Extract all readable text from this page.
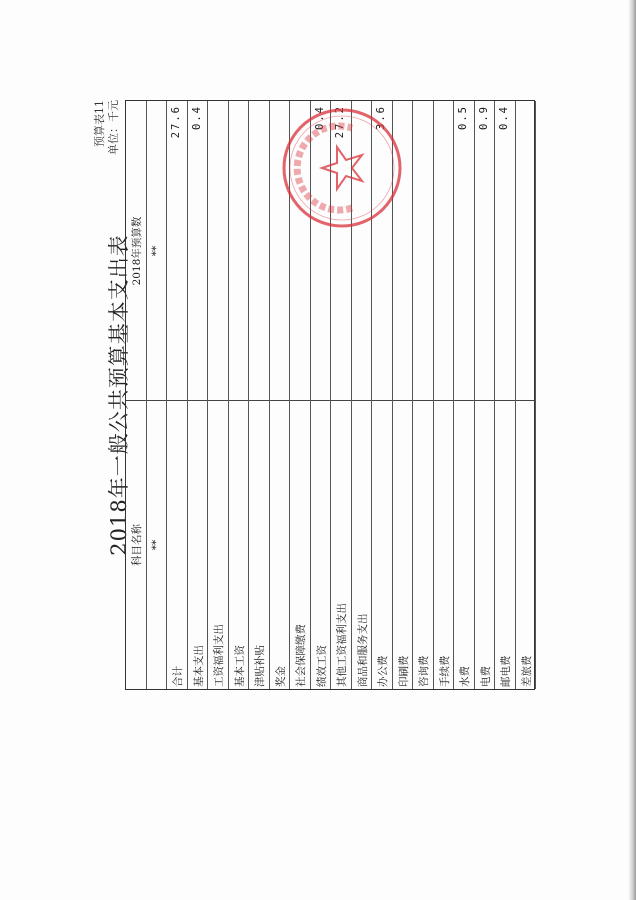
2018年一般公共预算基本支出表
预算表11 单位：千元
科目名称
2018年预算数
**
**
合计
27.6
基本支出
0.4
工资福利支出 基本工资 津贴补贴 奖金 社会保障缴费 绩效工资
0.4
其他工资福利支出
27.2
商品和服务支出 办公费
3.6
印刷费 咨询费 手续费 水费
0.5
电费
0.9
邮电费
0.4
差旅费
